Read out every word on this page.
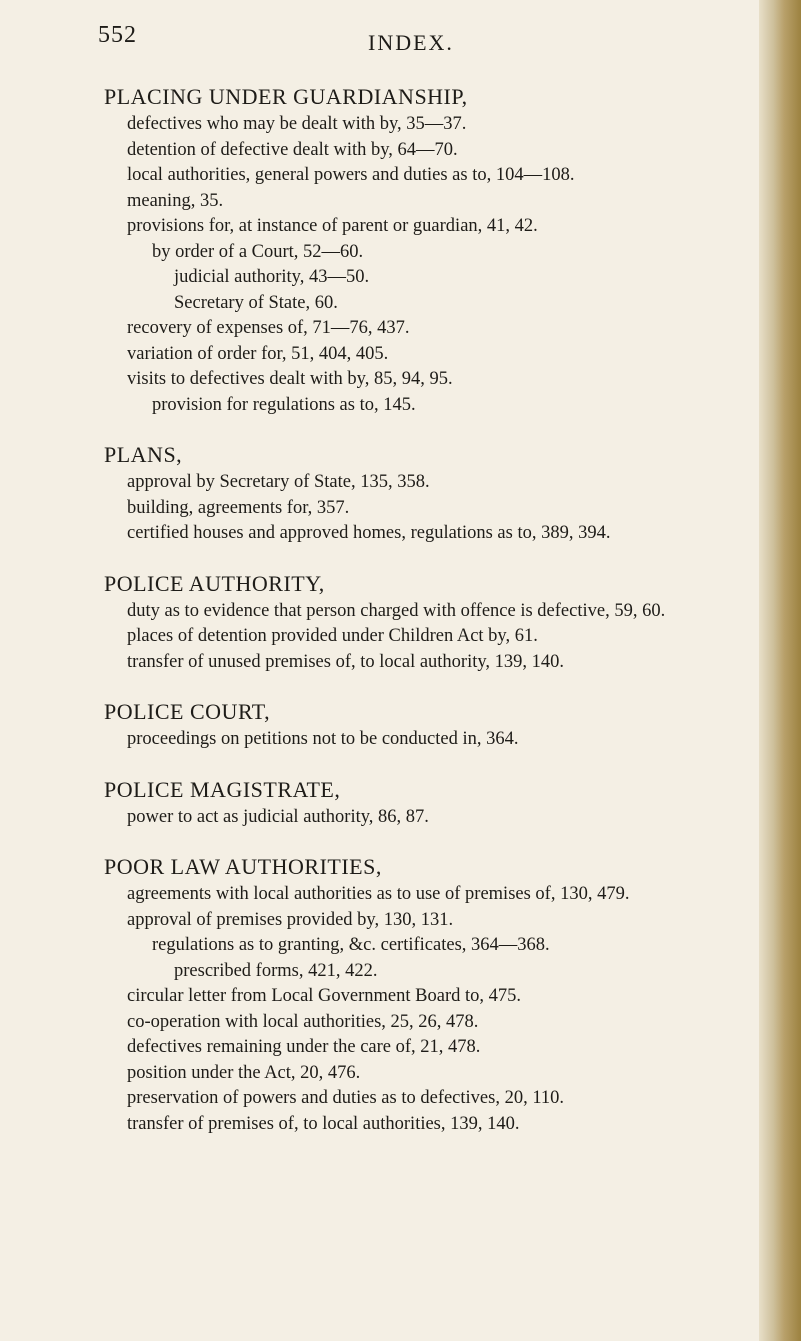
552	INDEX.
PLACING UNDER GUARDIANSHIP,
defectives who may be dealt with by, 35—37.
detention of defective dealt with by, 64—70.
local authorities, general powers and duties as to, 104—108.
meaning, 35.
provisions for, at instance of parent or guardian, 41, 42.
by order of a Court, 52—60.
judicial authority, 43—50.
Secretary of State, 60.
recovery of expenses of, 71—76, 437.
variation of order for, 51, 404, 405.
visits to defectives dealt with by, 85, 94, 95.
provision for regulations as to, 145.
PLANS,
approval by Secretary of State, 135, 358.
building, agreements for, 357.
certified houses and approved homes, regulations as to, 389, 394.
POLICE AUTHORITY,
duty as to evidence that person charged with offence is defective, 59, 60.
places of detention provided under Children Act by, 61.
transfer of unused premises of, to local authority, 139, 140.
POLICE COURT,
proceedings on petitions not to be conducted in, 364.
POLICE MAGISTRATE,
power to act as judicial authority, 86, 87.
POOR LAW AUTHORITIES,
agreements with local authorities as to use of premises of, 130, 479.
approval of premises provided by, 130, 131.
regulations as to granting, &c. certificates, 364—368.
prescribed forms, 421, 422.
circular letter from Local Government Board to, 475.
co-operation with local authorities, 25, 26, 478.
defectives remaining under the care of, 21, 478.
position under the Act, 20, 476.
preservation of powers and duties as to defectives, 20, 110.
transfer of premises of, to local authorities, 139, 140.
